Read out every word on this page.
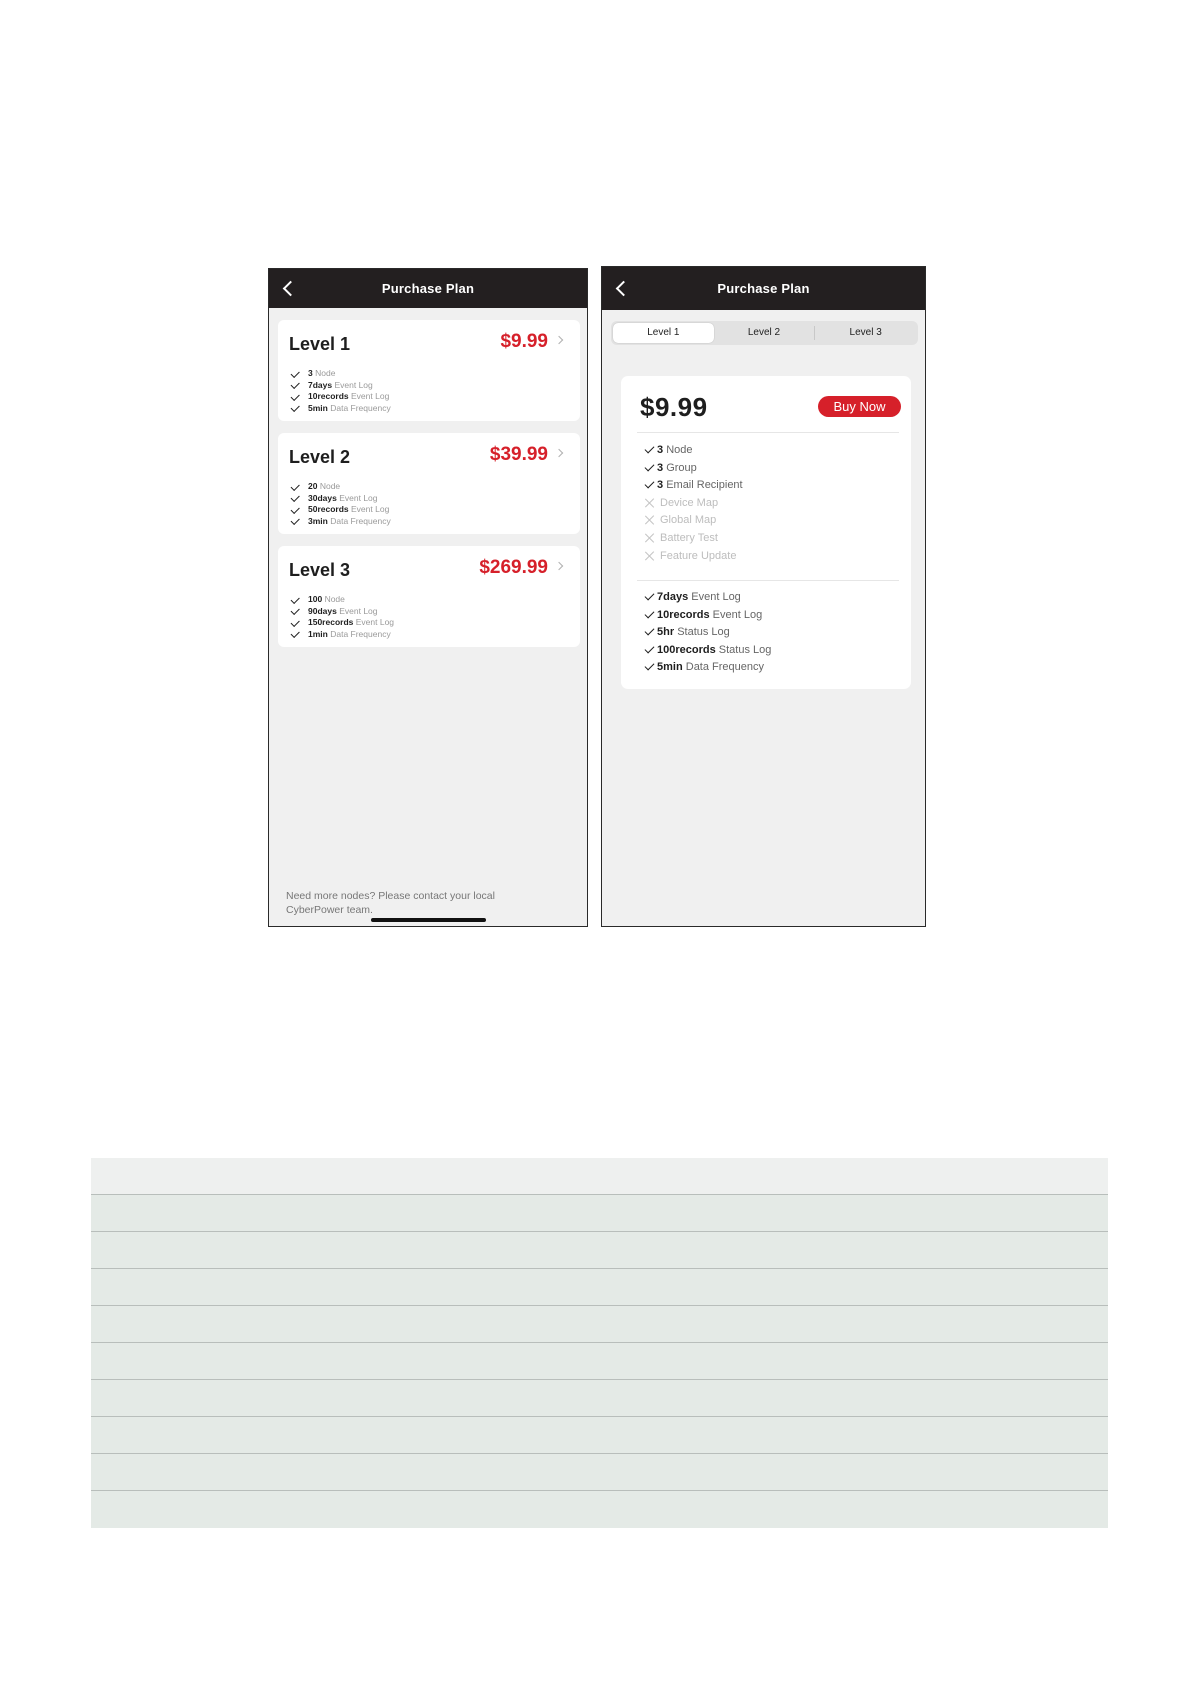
Purchase Plan
Level 1	$9.99
3 Node
7days Event Log
10records Event Log
5min Data Frequency
Level 2	$39.99
20 Node
30days Event Log
50records Event Log
3min Data Frequency
Level 3	$269.99
100 Node
90days Event Log
150records Event Log
1min Data Frequency
Need more nodes? Please contact your local CyberPower team.
Purchase Plan
Level 1	Level 2	Level 3
$9.99	Buy Now
3 Node
3 Group
3 Email Recipient
Device Map
Global Map
Battery Test
Feature Update
7days Event Log
10records Event Log
5hr Status Log
100records Status Log
5min Data Frequency
